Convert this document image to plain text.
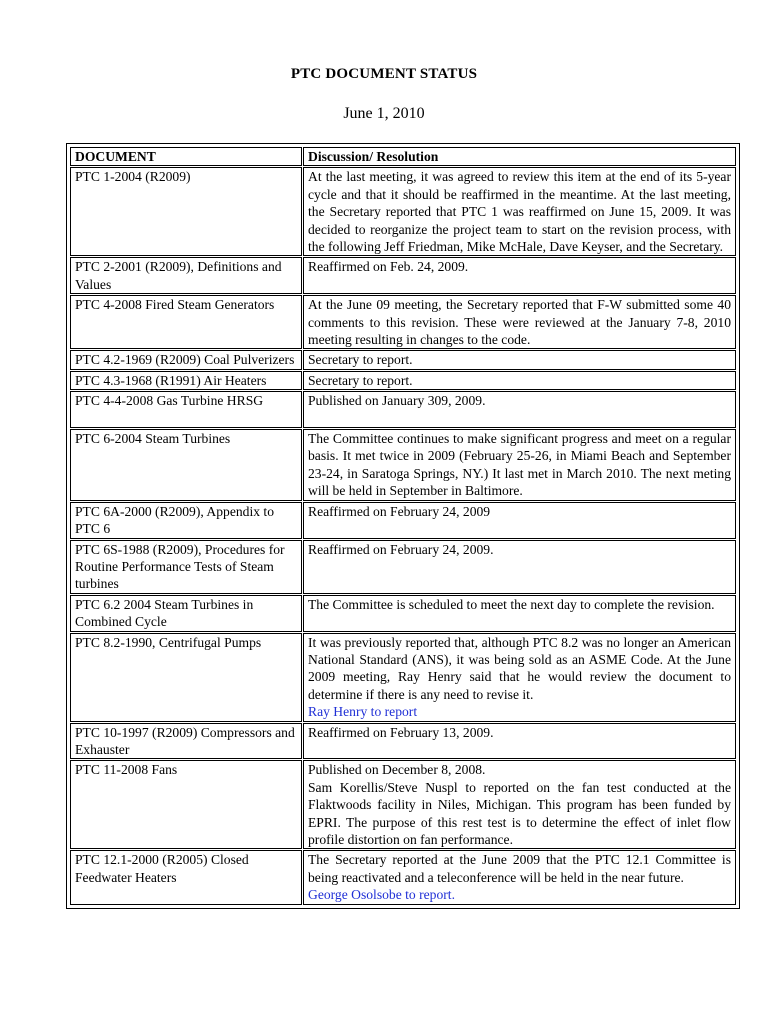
PTC DOCUMENT STATUS
June 1, 2010
DOCUMENT	Discussion/ Resolution
PTC 1-2004 (R2009)	At the last meeting, it was agreed to review this item at the end of its 5-year cycle and that it should be reaffirmed in the meantime. At the last meeting, the Secretary reported that PTC 1 was reaffirmed on June 15, 2009. It was decided to reorganize the project team to start on the revision process, with the following Jeff Friedman, Mike McHale, Dave Keyser, and the Secretary.
PTC 2-2001 (R2009), Definitions and Values	Reaffirmed on Feb. 24, 2009.
PTC 4-2008 Fired Steam Generators	At the June 09 meeting, the Secretary reported that F-W submitted some 40 comments to this revision. These were reviewed at the January 7-8, 2010 meeting resulting in changes to the code.
PTC 4.2-1969 (R2009) Coal Pulverizers	Secretary to report.
PTC 4.3-1968 (R1991) Air Heaters	Secretary to report.

PTC 4-4-2008 Gas Turbine HRSG	Published on January 309, 2009.
PTC 6-2004 Steam Turbines	The Committee continues to make significant progress and meet on a regular basis. It met twice in 2009 (February 25-26, in Miami Beach and September 23-24, in Saratoga Springs, NY.) It last met in March 2010. The next meting will be held in September in Baltimore.
PTC 6A-2000 (R2009), Appendix to PTC 6	Reaffirmed on February 24, 2009
PTC 6S-1988 (R2009), Procedures for Routine Performance Tests of Steam turbines	Reaffirmed on February 24, 2009.
PTC 6.2 2004 Steam Turbines in Combined Cycle	The Committee is scheduled to meet the next day to complete the revision.
PTC 8.2-1990, Centrifugal Pumps	It was previously reported that, although PTC 8.2 was no longer an American National Standard (ANS), it was being sold as an ASME Code. At the June 2009 meeting, Ray Henry said that he would review the document to determine if there is any need to revise it.
Ray Henry to report

PTC 10-1997 (R2009) Compressors and Exhauster	Reaffirmed on February 13, 2009.
PTC 11-2008 Fans	Published on December 8, 2008.
Sam Korellis/Steve Nuspl to reported on the fan test conducted at the Flaktwoods facility in Niles, Michigan. This program has been funded by EPRI. The purpose of this rest test is to determine the effect of inlet flow profile distortion on fan performance.
PTC 12.1-2000 (R2005) Closed Feedwater Heaters	The Secretary reported at the June 2009 that the PTC 12.1 Committee is being reactivated and a teleconference will be held in the near future.
George Osolsobe to report.
